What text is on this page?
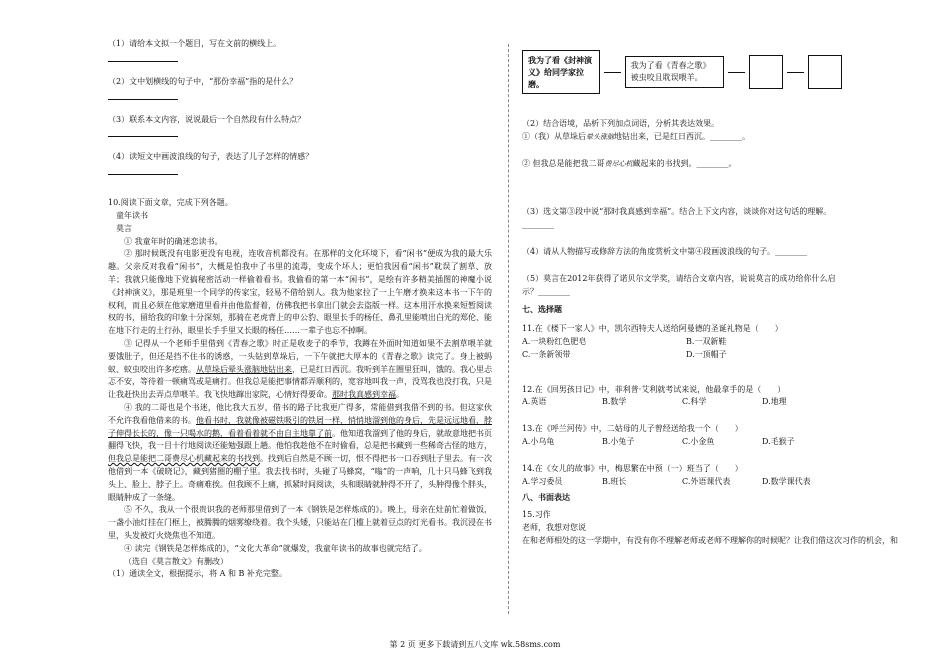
（1）请给本文拟一个题目，写在文前的横线上。

（2）文中划横线的句子中，“那份幸福”指的是什么？

（3）联系本文内容，说说最后一个自然段有什么特点？

（4）读短文中画波浪线的句子，表达了儿子怎样的情感？

10.阅读下面文章，完成下列各题。

童年读书

莫言

① 我童年时的确迷恋读书。

② 那时候既没有电影更没有电视，连收音机都没有。在那样的文化环境下，看“闲书”便成为我的最大乐趣。父亲反对我看“闲书”，大概是怕我中了书里的流毒，变成个坏人；更怕我因看“闲书”耽误了割草、放羊；我就只能像地下党搞秘密活动一样偷着看书。我偷看的第一本“闲书”，是绘有许多精美插图的神魔小说《封神演义》，那是班里一个同学的传家宝，轻易不借给别人。我为他家拉了一上午磨才换来这本书一下午的权利，而且必须在他家磨道里看并由他监督着，仿佛我把书拿出门就会去盗版一样。这本用汗水换来短暂阅读权的书，留给我的印象十分深刻，那骑在老虎背上的申公豹、眼里长手的杨任、鼻孔里能喷出白光的郑伦、能在地下行走的土行孙，眼里长手手里又长眼的杨任……一辈子也忘不掉啊。

③ 记得从一个老师手里借到《青春之歌》时正是收麦子的季节，我蹲在外面时知道如果不去割草喂羊就要饿肚子，但还是挡不住书的诱惑，一头钻到草垛后，一下午就把大厚本的《青春之歌》读完了。身上被蚂蚁、蚊虫咬出许多疙瘩。从草垛后晕头涨脑地钻出来，已是红日西沉。我听到羊在圈里狂叫，饿的。我心里忐忑不安，等待着一顿痛骂或是痛打。但我总是能把事情都弄顺利的，宽容地叫我一声，没骂我也没打我，只是让我赶快出去弄点草喂羊。我飞快地蹿出家院，心情好得要命。那时我真感到幸福。

④ 我的二哥也是个书迷，他比我大五岁，借书的路子比我更广得多，常能借到我借不到的书。但这家伙不允许我看他借来的书。他看书时，我就像被磁铁吸引的铁屑一样，悄悄地溜到他的身后，先是远远地看，脖子伸得长长的，像一只喝水的鹅，看着看着就不由自主地靠了前。他知道我溜到了他的身后，就故意地把书页翻得飞快，我一目十行地阅读还能勉强跟上趟。他怕我趁他不在时偷看，总是把书藏到一些稀奇古怪的地方，但我总是能把二哥费尽心机藏起来的书找到。找到后自然是不顾一切，恨不得把书一口吞到肚子里去。有一次他借到一本《破晓记》，藏到猪圈的棚子里。我去找书时，头碰了马蜂窝，“嗡”的一声响，几十只马蜂飞到我头上、脸上、脖子上。奇痛难挨。但我顾不上痛，抓紧时间阅读，头和眼睛就肿得不开了，头肿得像个胖头，眼睛肿成了一条缝。

⑤ 不久，我从一个很贵识我的老师那里借到了一本《钢铁是怎样炼成的》。晚上，母亲在灶前忙着做饭，一盏小油灯挂在门框上，被腾腾的烟雾缭绕着。我个头矮，只能站在门槛上就着豆点的灯光看书。我沉浸在书里，头发被灯火烧焦也不知道。

④ 读完《钢铁是怎样炼成的》，“文化大革命”就爆发，我童年读书的故事也就完结了。

（选自《莫言散文》有删改）

（1）通读全文，根据提示，将 A 和 B 补充完整。

我为了看《封神演义》给同学家拉磨。
我为了看《青春之歌》被虫咬且耽误喂羊。

（2）结合语境，品析下列加点词语，分析其表达效果。

①（我）从草垛后晕头涨脑地钻出来，已是红日西沉。________。

② 但我总是能把我二哥费尽心机藏起来的书找到。________。

（3）选文第③段中说“那时我真感到幸福”。结合上下文内容，谈谈你对这句话的理解。________

（4）请从人物描写或修辞方法的角度赏析文中第④段画波浪线的句子。________

（5）莫言在2012年获得了诺贝尔文学奖，请结合文章内容，说说莫言的成功给你什么启示？________

七、选择题

11.在《楼下一家人》中，凯尔西特夫人送给阿曼德的圣诞礼物是（　　）

A.一块粉红色肥皂	B.一双新鞋
C.一条新领带	D.一顶帽子

12.在《回男孩日记》中，菲利普·艾利就考试来说，他最拿手的是（　　）

A.英语	B.数学	C.科学	D.地理

13.在《呼兰河传》中，二姑母的儿子曾经送给我一个（　　）

A.小乌龟	B.小兔子	C.小金鱼	D.毛猴子

14.在《女儿的故事》中，梅思繁在中预（一）班当了（　　）

A.学习委员	B.班长	C.外语课代表	D.数学课代表

八、书面表达

15.习作

老师，我想对您说

在和老师相处的这一学期中，有没有你不理解老师或老师不理解你的时候呢？让我们借这次习作的机会，和

第 2 页 更多下载请到五八文库 wk.58sms.com
